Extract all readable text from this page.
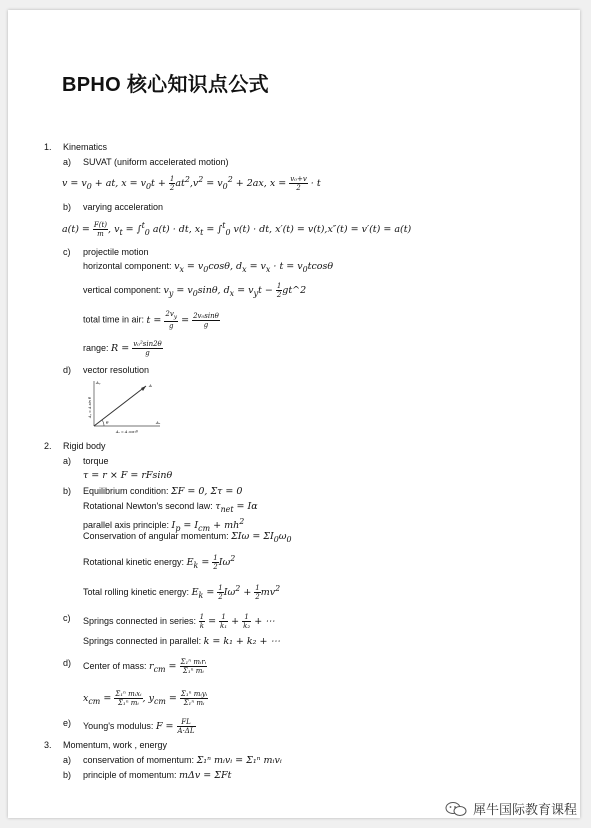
BPHO 核心知识点公式
1. Kinematics
a) SUVAT (uniform accelerated motion)
$v = v_0$ + at, $x = v_0t + \frac{1}{2} at^2,v^2 = v_0^2 + 2ax$, $x = \frac{\text{v₀+v}}{2} \cdot t$
b) varying acceleration
$a(t) = \frac{F(t)}{m}$ , $v_t = \int^t_0$ a(t) · dt, $x_t = \int^t_0$ v(t) · dt, x′(t) = v(t),x″(t) = v′(t) = a(t)
c) projectile motion
horizontal component: $v_x = v_0\cos\theta$, $d_x = v_x \cdot t = v_0tcos\theta$
vertical component: $v_y = v_0\sin\theta$, $d_x = v_yt - \frac{1}{2}$ gt^2
total time in air: $t = \frac{2v_y}{g} = \frac{\text{2v₀sinθ}}{g}$
range: $R = \frac{\text{v₀²sin2θ}}{g}$
d) vector resolution
Aᵧ
Aₓ
A
θ
Aᵧ = A sin θ
Aₓ = A cos θ
2. Rigid body
a) torque
τ = r × F = rFsinθ
b) Equilibrium condition: ΣF = 0, Στ = 0
Rotational Newton's second law: $\tau_{net} = I\alpha$
parallel axis principle: $I_p = I_{cm} + mh^2$
Conservation of angular momentum: $\Sigma I\omega = \Sigma I_0\omega_0$
Rotational kinetic energy: $E_k = \frac{1}{2} I\omega^2$
Total rolling kinetic energy: $E_k = \frac{1}{2} I\omega^2 + \frac{1}{2} mv^2$
c) Springs connected in series: $\frac{1}{k} = \frac{1}{\text{k₁}} + \frac{1}{\text{k₂}}$ + ⋯
Springs connected in parallel: k = k₁ + k₂ + ⋯
d) Center of mass: $r_{cm} = \frac{\text{Σ₁ⁿ mᵢrᵢ}}{\text{Σ₁ⁿ mᵢ}}$
$x_{cm} = \frac{\text{Σ₁ⁿ mᵢxᵢ}}{\text{Σ₁ⁿ mᵢ}}$ , $y_{cm} = \frac{\text{Σ₁ⁿ mᵢyᵢ}}{\text{Σ₁ⁿ mᵢ}}$
e) Young's modulus: $F = \frac{FL}{A\cdot\Delta L}$
3. Momentum, work , energy
a) conservation of momentum: Σ₁ⁿ mᵢvᵢ = Σ₁ⁿ mᵢvᵢ
b) principle of momentum: mΔv = ΣFt
犀牛国际教育课程
